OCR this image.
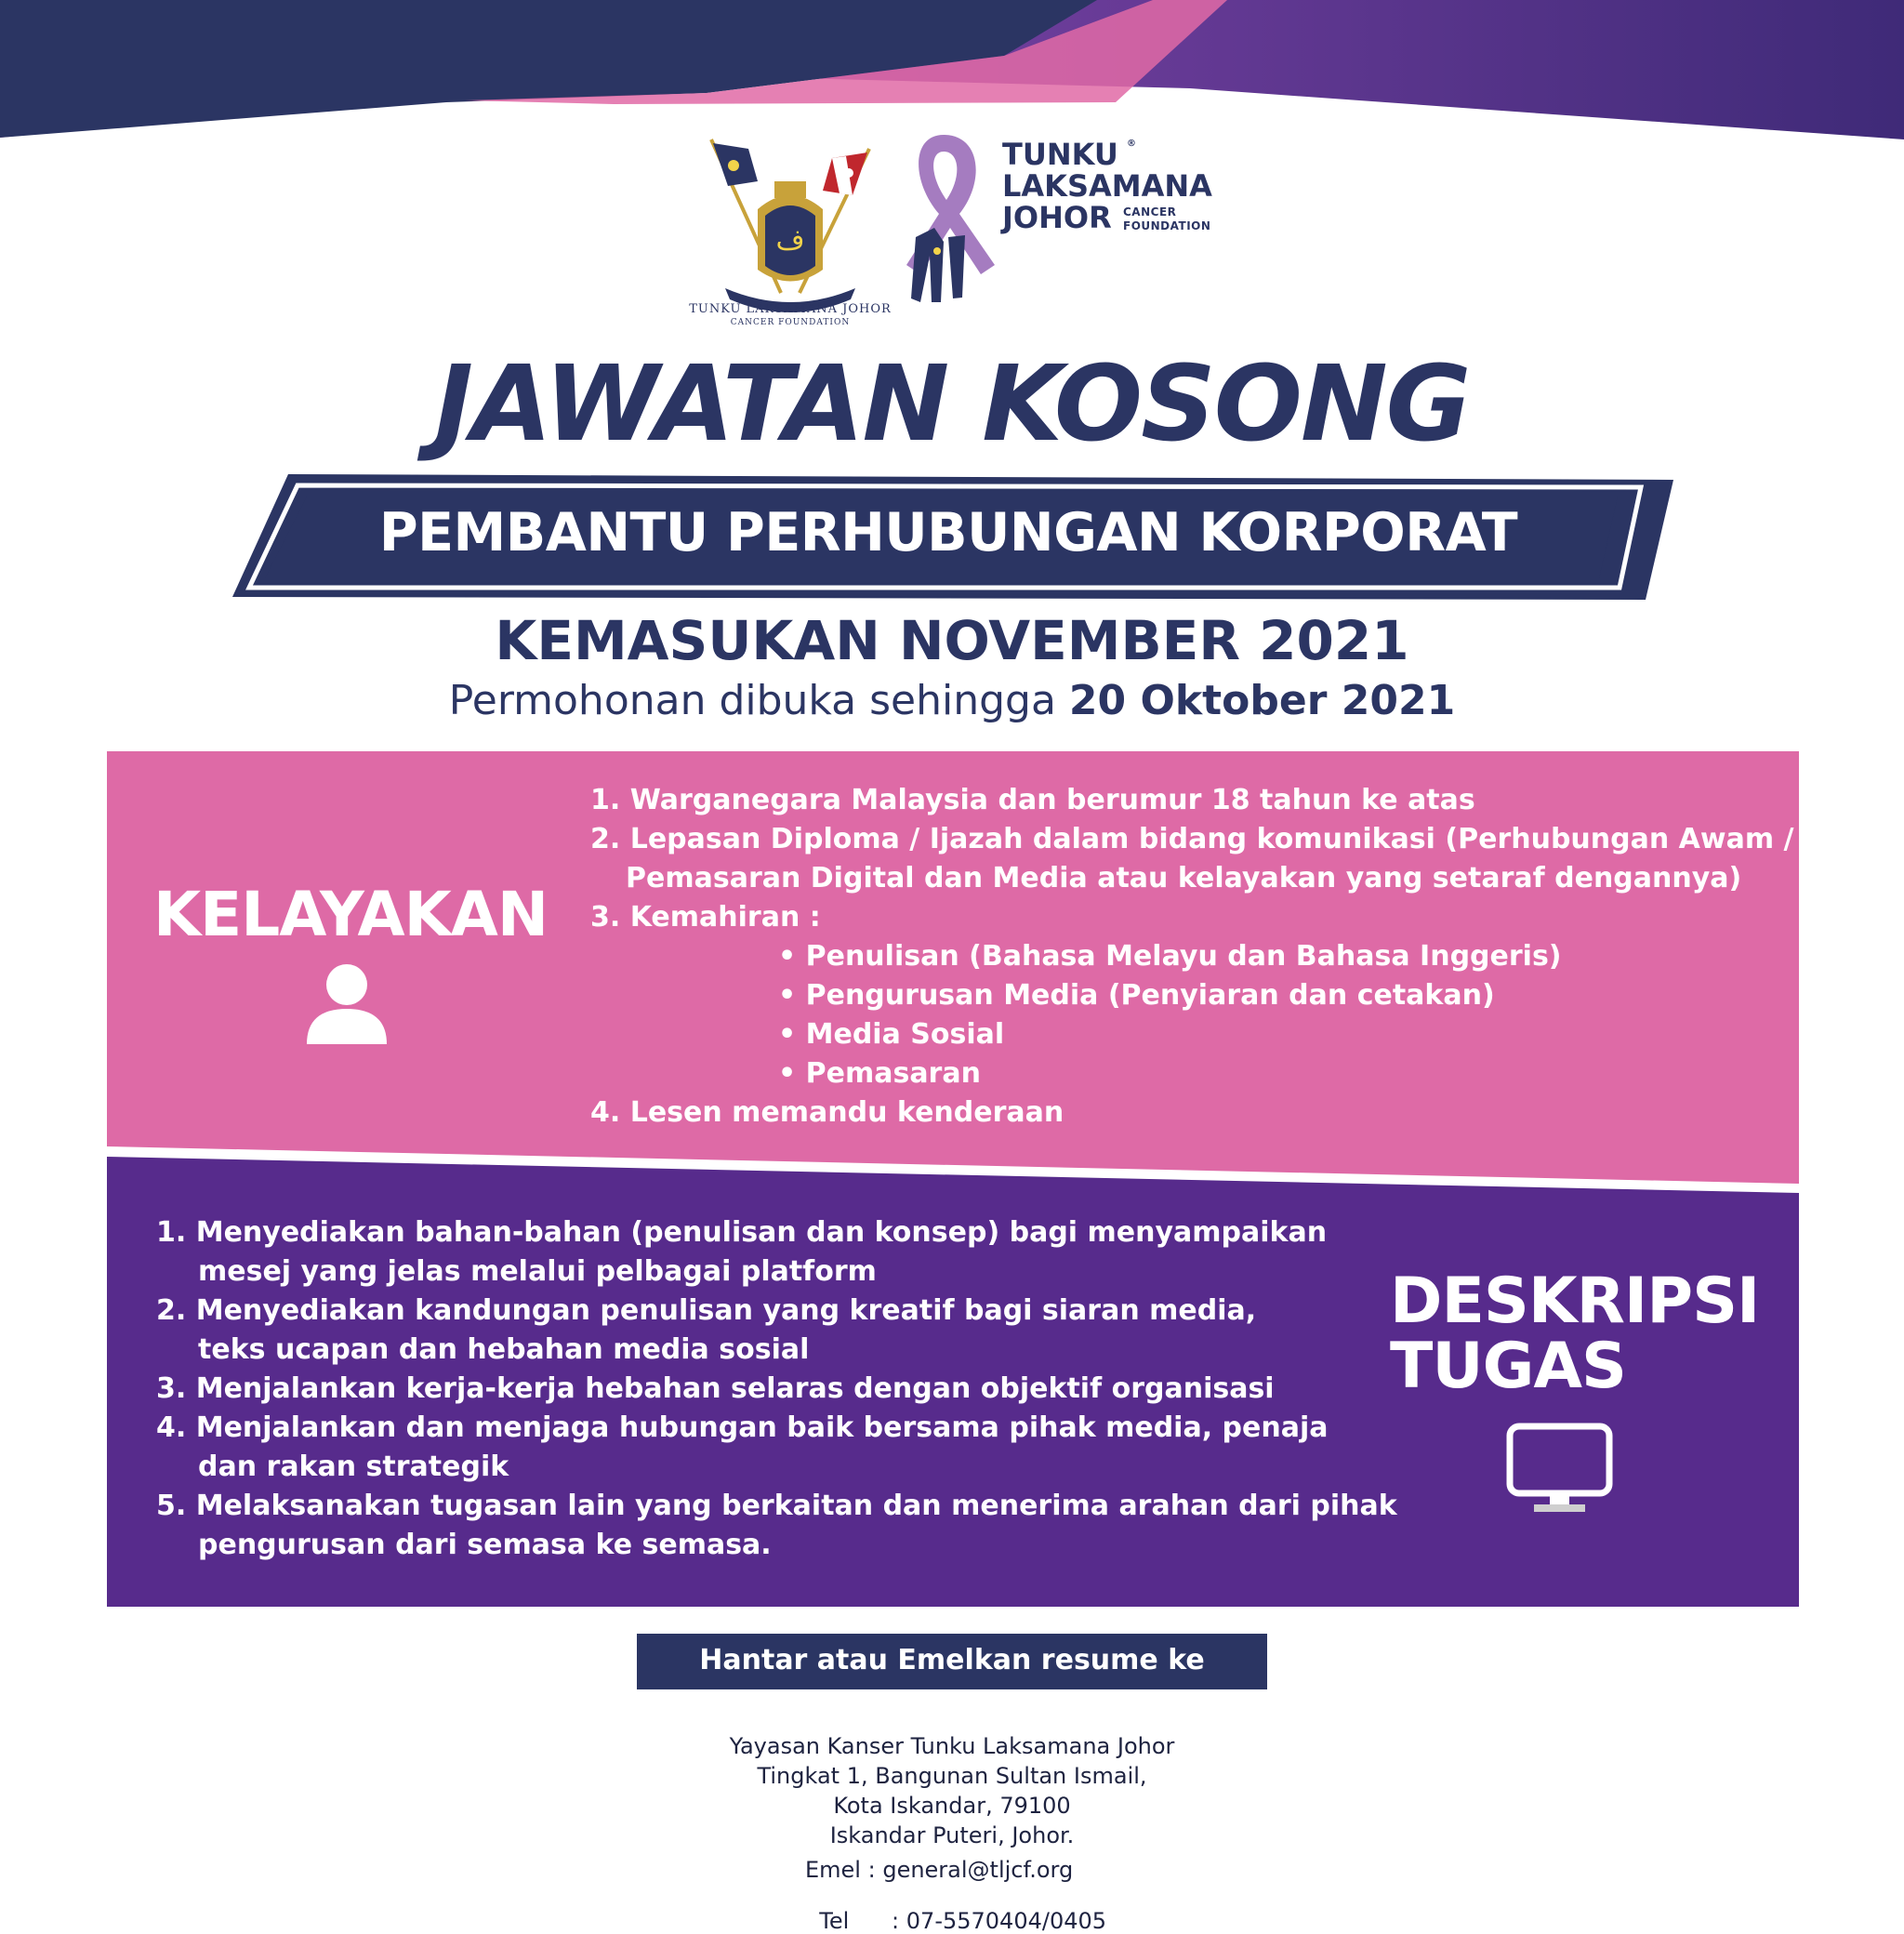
ف
TUNKU LAKSAMANA JOHOR
CANCER FOUNDATION
TUNKU ®
LAKSAMANA
JOHOR CANCER
FOUNDATION
JAWATAN KOSONG
PEMBANTU PERHUBUNGAN KORPORAT
KEMASUKAN NOVEMBER 2021
Permohonan dibuka sehingga 20 Oktober 2021
KELAYAKAN
1. Warganegara Malaysia dan berumur 18 tahun ke atas
2. Lepasan Diploma / Ijazah dalam bidang komunikasi (Perhubungan Awam /
Pemasaran Digital dan Media atau kelayakan yang setaraf dengannya)
3. Kemahiran :
• Penulisan (Bahasa Melayu dan Bahasa Inggeris)
• Pengurusan Media (Penyiaran dan cetakan)
• Media Sosial
• Pemasaran
4. Lesen memandu kenderaan
1. Menyediakan bahan-bahan (penulisan dan konsep) bagi menyampaikan
mesej yang jelas melalui pelbagai platform
2. Menyediakan kandungan penulisan yang kreatif bagi siaran media,
teks ucapan dan hebahan media sosial
3. Menjalankan kerja-kerja hebahan selaras dengan objektif organisasi
4. Menjalankan dan menjaga hubungan baik bersama pihak media, penaja
dan rakan strategik
5. Melaksanakan tugasan lain yang berkaitan dan menerima arahan dari pihak
pengurusan dari semasa ke semasa.
DESKRIPSI
TUGAS
Hantar atau Emelkan resume ke
Yayasan Kanser Tunku Laksamana Johor
Tingkat 1, Bangunan Sultan Ismail,
Kota Iskandar, 79100
Iskandar Puteri, Johor.
Emel : general@tljcf.org

Tel      : 07-5570404/0405
